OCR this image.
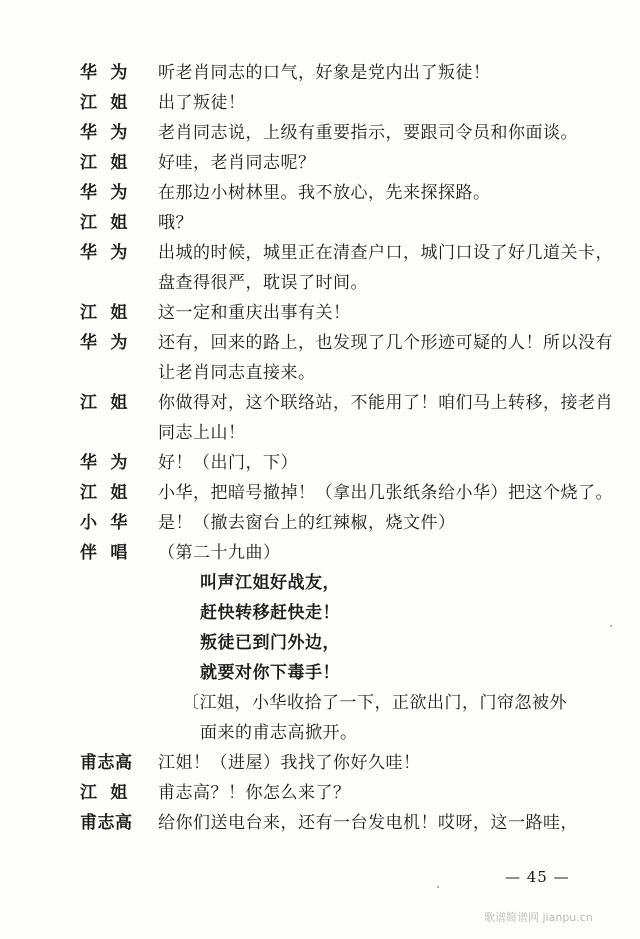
华  为	听老肖同志的口气，好象是党内出了叛徒！
江  姐	出了叛徒！
华  为	老肖同志说，上级有重要指示，要跟司令员和你面谈。
江  姐	好哇，老肖同志呢？
华  为	在那边小树林里。我不放心，先来探探路。
江  姐	哦？
华  为	出城的时候，城里正在清查户口，城门口设了好几道关卡，盘查得很严，耽误了时间。
江  姐	这一定和重庆出事有关！
华  为	还有，回来的路上，也发现了几个形迹可疑的人！所以没有让老肖同志直接来。
江  姐	你做得对，这个联络站，不能用了！咱们马上转移，接老肖同志上山！
华  为	好！（出门，下）
江  姐	小华，把暗号撤掉！（拿出几张纸条给小华）把这个烧了。
小  华	是！（撤去窗台上的红辣椒，烧文件）
伴  唱	（第二十九曲）
叫声江姐好战友，
赶快转移赶快走！
叛徒已到门外边，
就要对你下毒手！
〔江姐，小华收拾了一下，正欲出门，门帘忽被外
面来的甫志高掀开。
甫志高	江姐！（进屋）我找了你好久哇！
江  姐	甫志高？！你怎么来了？
甫志高	给你们送电台来，还有一台发电机！哎呀，这一路哇，
— 45 —
歌谱简谱网 jianpu.cn
